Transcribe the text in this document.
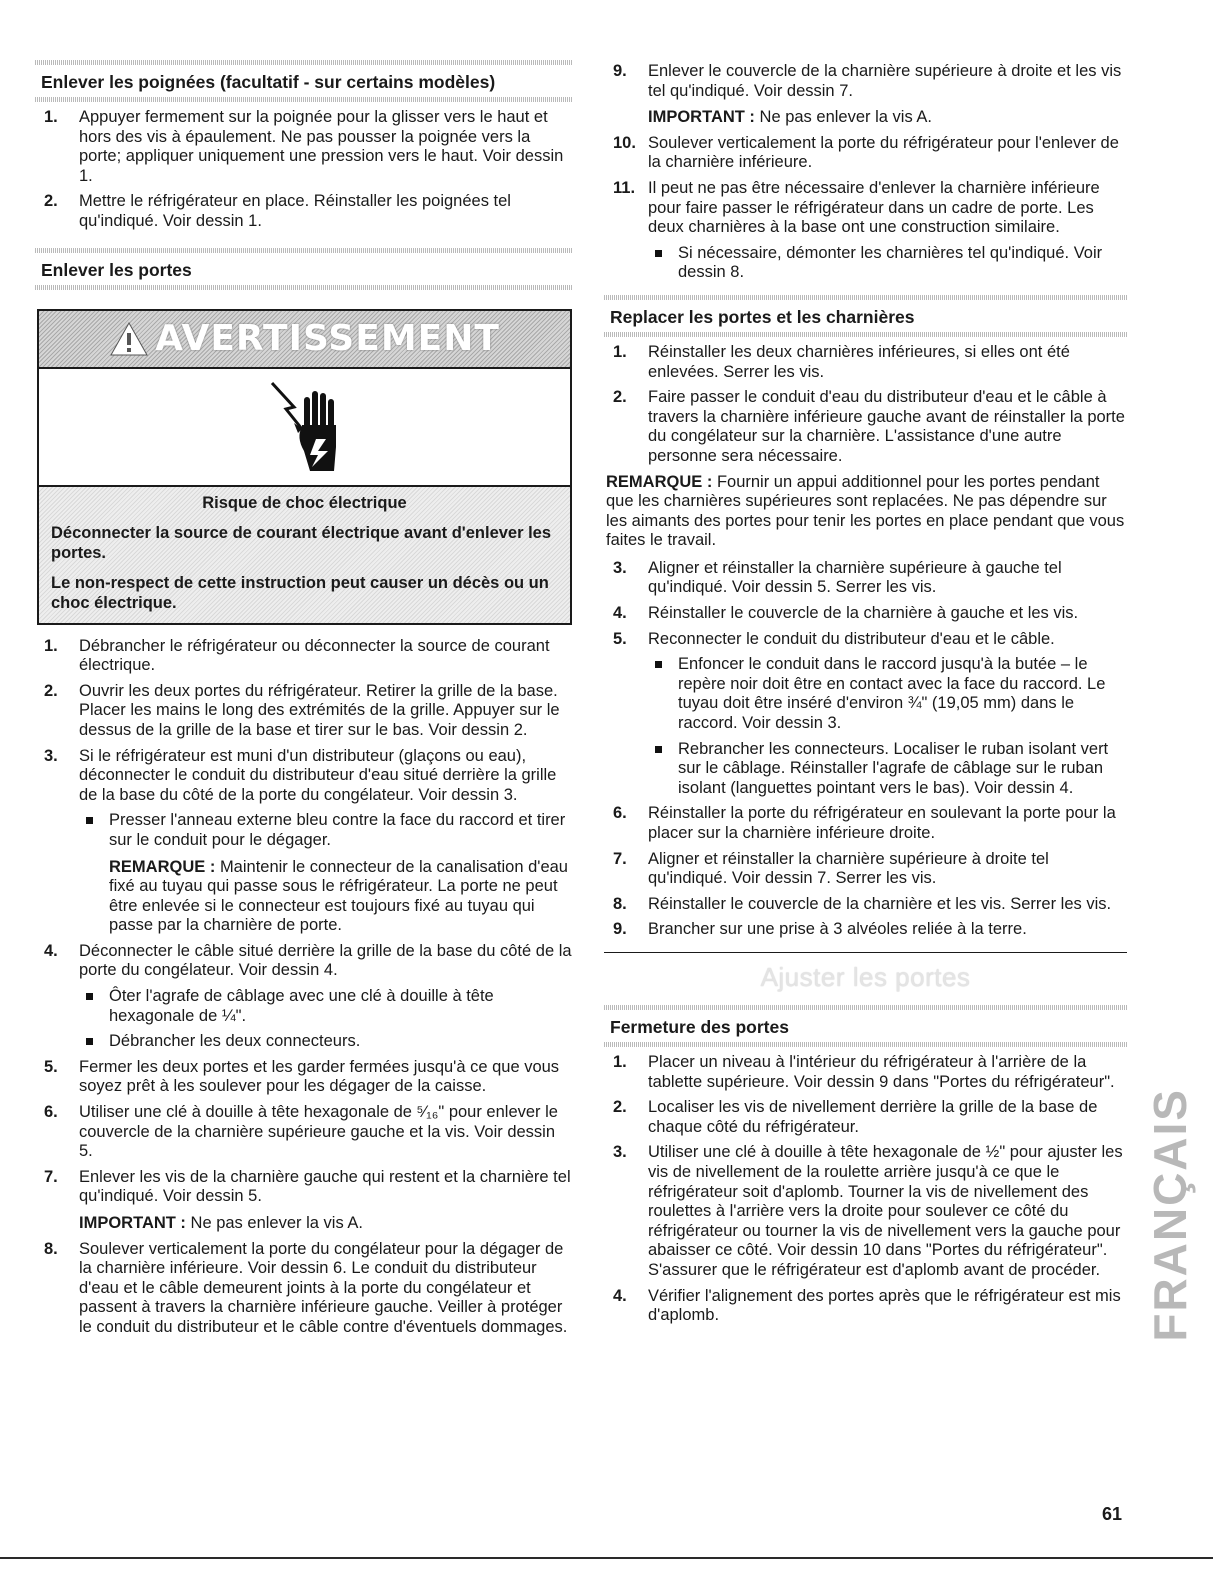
Enlever les poignées (facultatif - sur certains modèles)
1. Appuyer fermement sur la poignée pour la glisser vers le haut et hors des vis à épaulement. Ne pas pousser la poignée vers la porte; appliquer uniquement une pression vers le haut. Voir dessin 1.
2. Mettre le réfrigérateur en place. Réinstaller les poignées tel qu'indiqué. Voir dessin 1.
Enlever les portes
AVERTISSEMENT
Risque de choc électrique

Déconnecter la source de courant électrique avant d'enlever les portes.

Le non-respect de cette instruction peut causer un décès ou un choc électrique.

1. Débrancher le réfrigérateur ou déconnecter la source de courant électrique.
2. Ouvrir les deux portes du réfrigérateur. Retirer la grille de la base. Placer les mains le long des extrémités de la grille. Appuyer sur le dessus de la grille de la base et tirer sur le bas. Voir dessin 2.
3. Si le réfrigérateur est muni d'un distributeur (glaçons ou eau), déconnecter le conduit du distributeur d'eau situé derrière la grille de la base du côté de la porte du congélateur. Voir dessin 3.
Presser l'anneau externe bleu contre la face du raccord et tirer sur le conduit pour le dégager.
REMARQUE : Maintenir le connecteur de la canalisation d'eau fixé au tuyau qui passe sous le réfrigérateur. La porte ne peut être enlevée si le connecteur est toujours fixé au tuyau qui passe par la charnière de porte.
4. Déconnecter le câble situé derrière la grille de la base du côté de la porte du congélateur. Voir dessin 4.
Ôter l'agrafe de câblage avec une clé à douille à tête hexagonale de ¼".
Débrancher les deux connecteurs.
5. Fermer les deux portes et les garder fermées jusqu'à ce que vous soyez prêt à les soulever pour les dégager de la caisse.
6. Utiliser une clé à douille à tête hexagonale de ⁵⁄₁₆" pour enlever le couvercle de la charnière supérieure gauche et la vis. Voir dessin 5.
7. Enlever les vis de la charnière gauche qui restent et la charnière tel qu'indiqué. Voir dessin 5.
IMPORTANT : Ne pas enlever la vis A.
8. Soulever verticalement la porte du congélateur pour la dégager de la charnière inférieure. Voir dessin 6. Le conduit du distributeur d'eau et le câble demeurent joints à la porte du congélateur et passent à travers la charnière inférieure gauche. Veiller à protéger le conduit du distributeur et le câble contre d'éventuels dommages.
9. Enlever le couvercle de la charnière supérieure à droite et les vis tel qu'indiqué. Voir dessin 7.
IMPORTANT : Ne pas enlever la vis A.
10. Soulever verticalement la porte du réfrigérateur pour l'enlever de la charnière inférieure.
11. Il peut ne pas être nécessaire d'enlever la charnière inférieure pour faire passer le réfrigérateur dans un cadre de porte. Les deux charnières à la base ont une construction similaire.
Si nécessaire, démonter les charnières tel qu'indiqué. Voir dessin 8.
Replacer les portes et les charnières
1. Réinstaller les deux charnières inférieures, si elles ont été enlevées. Serrer les vis.
2. Faire passer le conduit d'eau du distributeur d'eau et le câble à travers la charnière inférieure gauche avant de réinstaller la porte du congélateur sur la charnière. L'assistance d'une autre personne sera nécessaire.
REMARQUE : Fournir un appui additionnel pour les portes pendant que les charnières supérieures sont replacées. Ne pas dépendre sur les aimants des portes pour tenir les portes en place pendant que vous faites le travail.
3. Aligner et réinstaller la charnière supérieure à gauche tel qu'indiqué. Voir dessin 5. Serrer les vis.
4. Réinstaller le couvercle de la charnière à gauche et les vis.
5. Reconnecter le conduit du distributeur d'eau et le câble.
Enfoncer le conduit dans le raccord jusqu'à la butée – le repère noir doit être en contact avec la face du raccord. Le tuyau doit être inséré d'environ ¾" (19,05 mm) dans le raccord. Voir dessin 3.
Rebrancher les connecteurs. Localiser le ruban isolant vert sur le câblage. Réinstaller l'agrafe de câblage sur le ruban isolant (languettes pointant vers le bas). Voir dessin 4.
6. Réinstaller la porte du réfrigérateur en soulevant la porte pour la placer sur la charnière inférieure droite.
7. Aligner et réinstaller la charnière supérieure à droite tel qu'indiqué. Voir dessin 7. Serrer les vis.
8. Réinstaller le couvercle de la charnière et les vis. Serrer les vis.
9. Brancher sur une prise à 3 alvéoles reliée à la terre.
Ajuster les portes
Fermeture des portes
1. Placer un niveau à l'intérieur du réfrigérateur à l'arrière de la tablette supérieure. Voir dessin 9 dans "Portes du réfrigérateur".
2. Localiser les vis de nivellement derrière la grille de la base de chaque côté du réfrigérateur.
3. Utiliser une clé à douille à tête hexagonale de ½" pour ajuster les vis de nivellement de la roulette arrière jusqu'à ce que le réfrigérateur soit d'aplomb. Tourner la vis de nivellement des roulettes à l'arrière vers la droite pour soulever ce côté du réfrigérateur ou tourner la vis de nivellement vers la gauche pour abaisser ce côté. Voir dessin 10 dans "Portes du réfrigérateur". S'assurer que le réfrigérateur est d'aplomb avant de procéder.
4. Vérifier l'alignement des portes après que le réfrigérateur est mis d'aplomb.	FRANÇAIS
61
